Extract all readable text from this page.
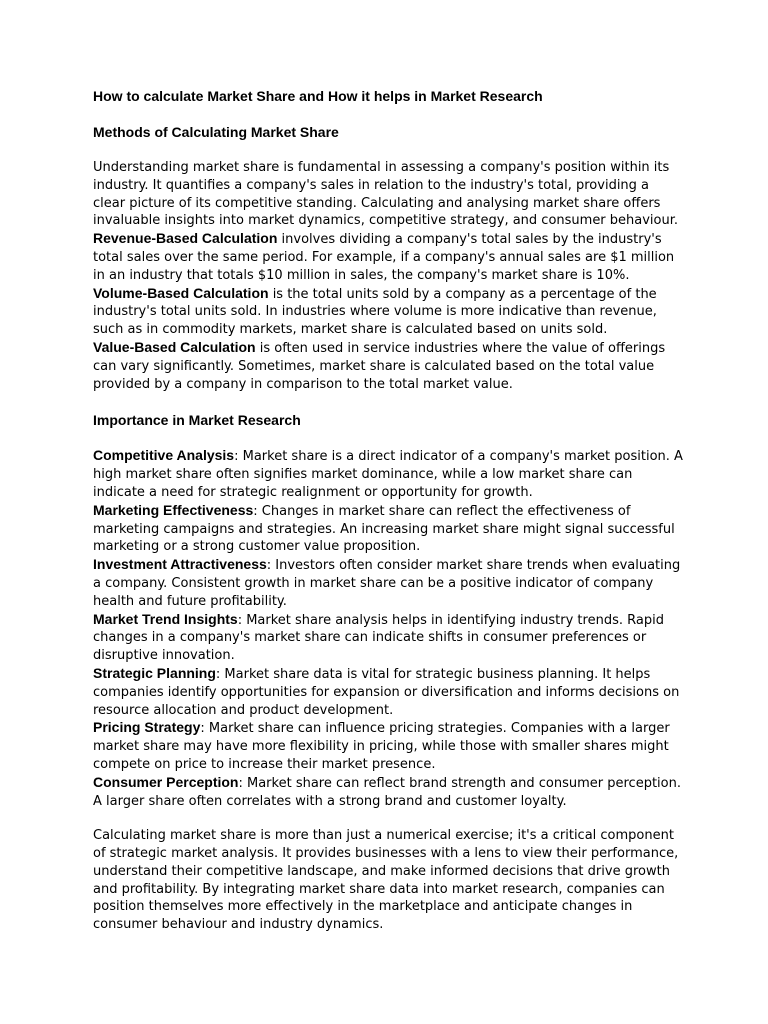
How to calculate Market Share and How it helps in Market Research

Methods of Calculating Market Share

Understanding market share is fundamental in assessing a company's position within its industry. It quantifies a company's sales in relation to the industry's total, providing a clear picture of its competitive standing. Calculating and analysing market share offers invaluable insights into market dynamics, competitive strategy, and consumer behaviour.

Revenue-Based Calculation involves dividing a company's total sales by the industry's total sales over the same period. For example, if a company's annual sales are $1 million in an industry that totals $10 million in sales, the company's market share is 10%.

Volume-Based Calculation is the total units sold by a company as a percentage of the industry's total units sold. In industries where volume is more indicative than revenue, such as in commodity markets, market share is calculated based on units sold.

Value-Based Calculation is often used in service industries where the value of offerings can vary significantly. Sometimes, market share is calculated based on the total value provided by a company in comparison to the total market value.

Importance in Market Research

Competitive Analysis: Market share is a direct indicator of a company's market position. A high market share often signifies market dominance, while a low market share can indicate a need for strategic realignment or opportunity for growth.

Marketing Effectiveness: Changes in market share can reflect the effectiveness of marketing campaigns and strategies. An increasing market share might signal successful marketing or a strong customer value proposition.

Investment Attractiveness: Investors often consider market share trends when evaluating a company. Consistent growth in market share can be a positive indicator of company health and future profitability.

Market Trend Insights: Market share analysis helps in identifying industry trends. Rapid changes in a company's market share can indicate shifts in consumer preferences or disruptive innovation.

Strategic Planning: Market share data is vital for strategic business planning. It helps companies identify opportunities for expansion or diversification and informs decisions on resource allocation and product development.

Pricing Strategy: Market share can influence pricing strategies. Companies with a larger market share may have more flexibility in pricing, while those with smaller shares might compete on price to increase their market presence.

Consumer Perception: Market share can reflect brand strength and consumer perception. A larger share often correlates with a strong brand and customer loyalty.

Calculating market share is more than just a numerical exercise; it's a critical component of strategic market analysis. It provides businesses with a lens to view their performance, understand their competitive landscape, and make informed decisions that drive growth and profitability. By integrating market share data into market research, companies can position themselves more effectively in the marketplace and anticipate changes in consumer behaviour and industry dynamics.
